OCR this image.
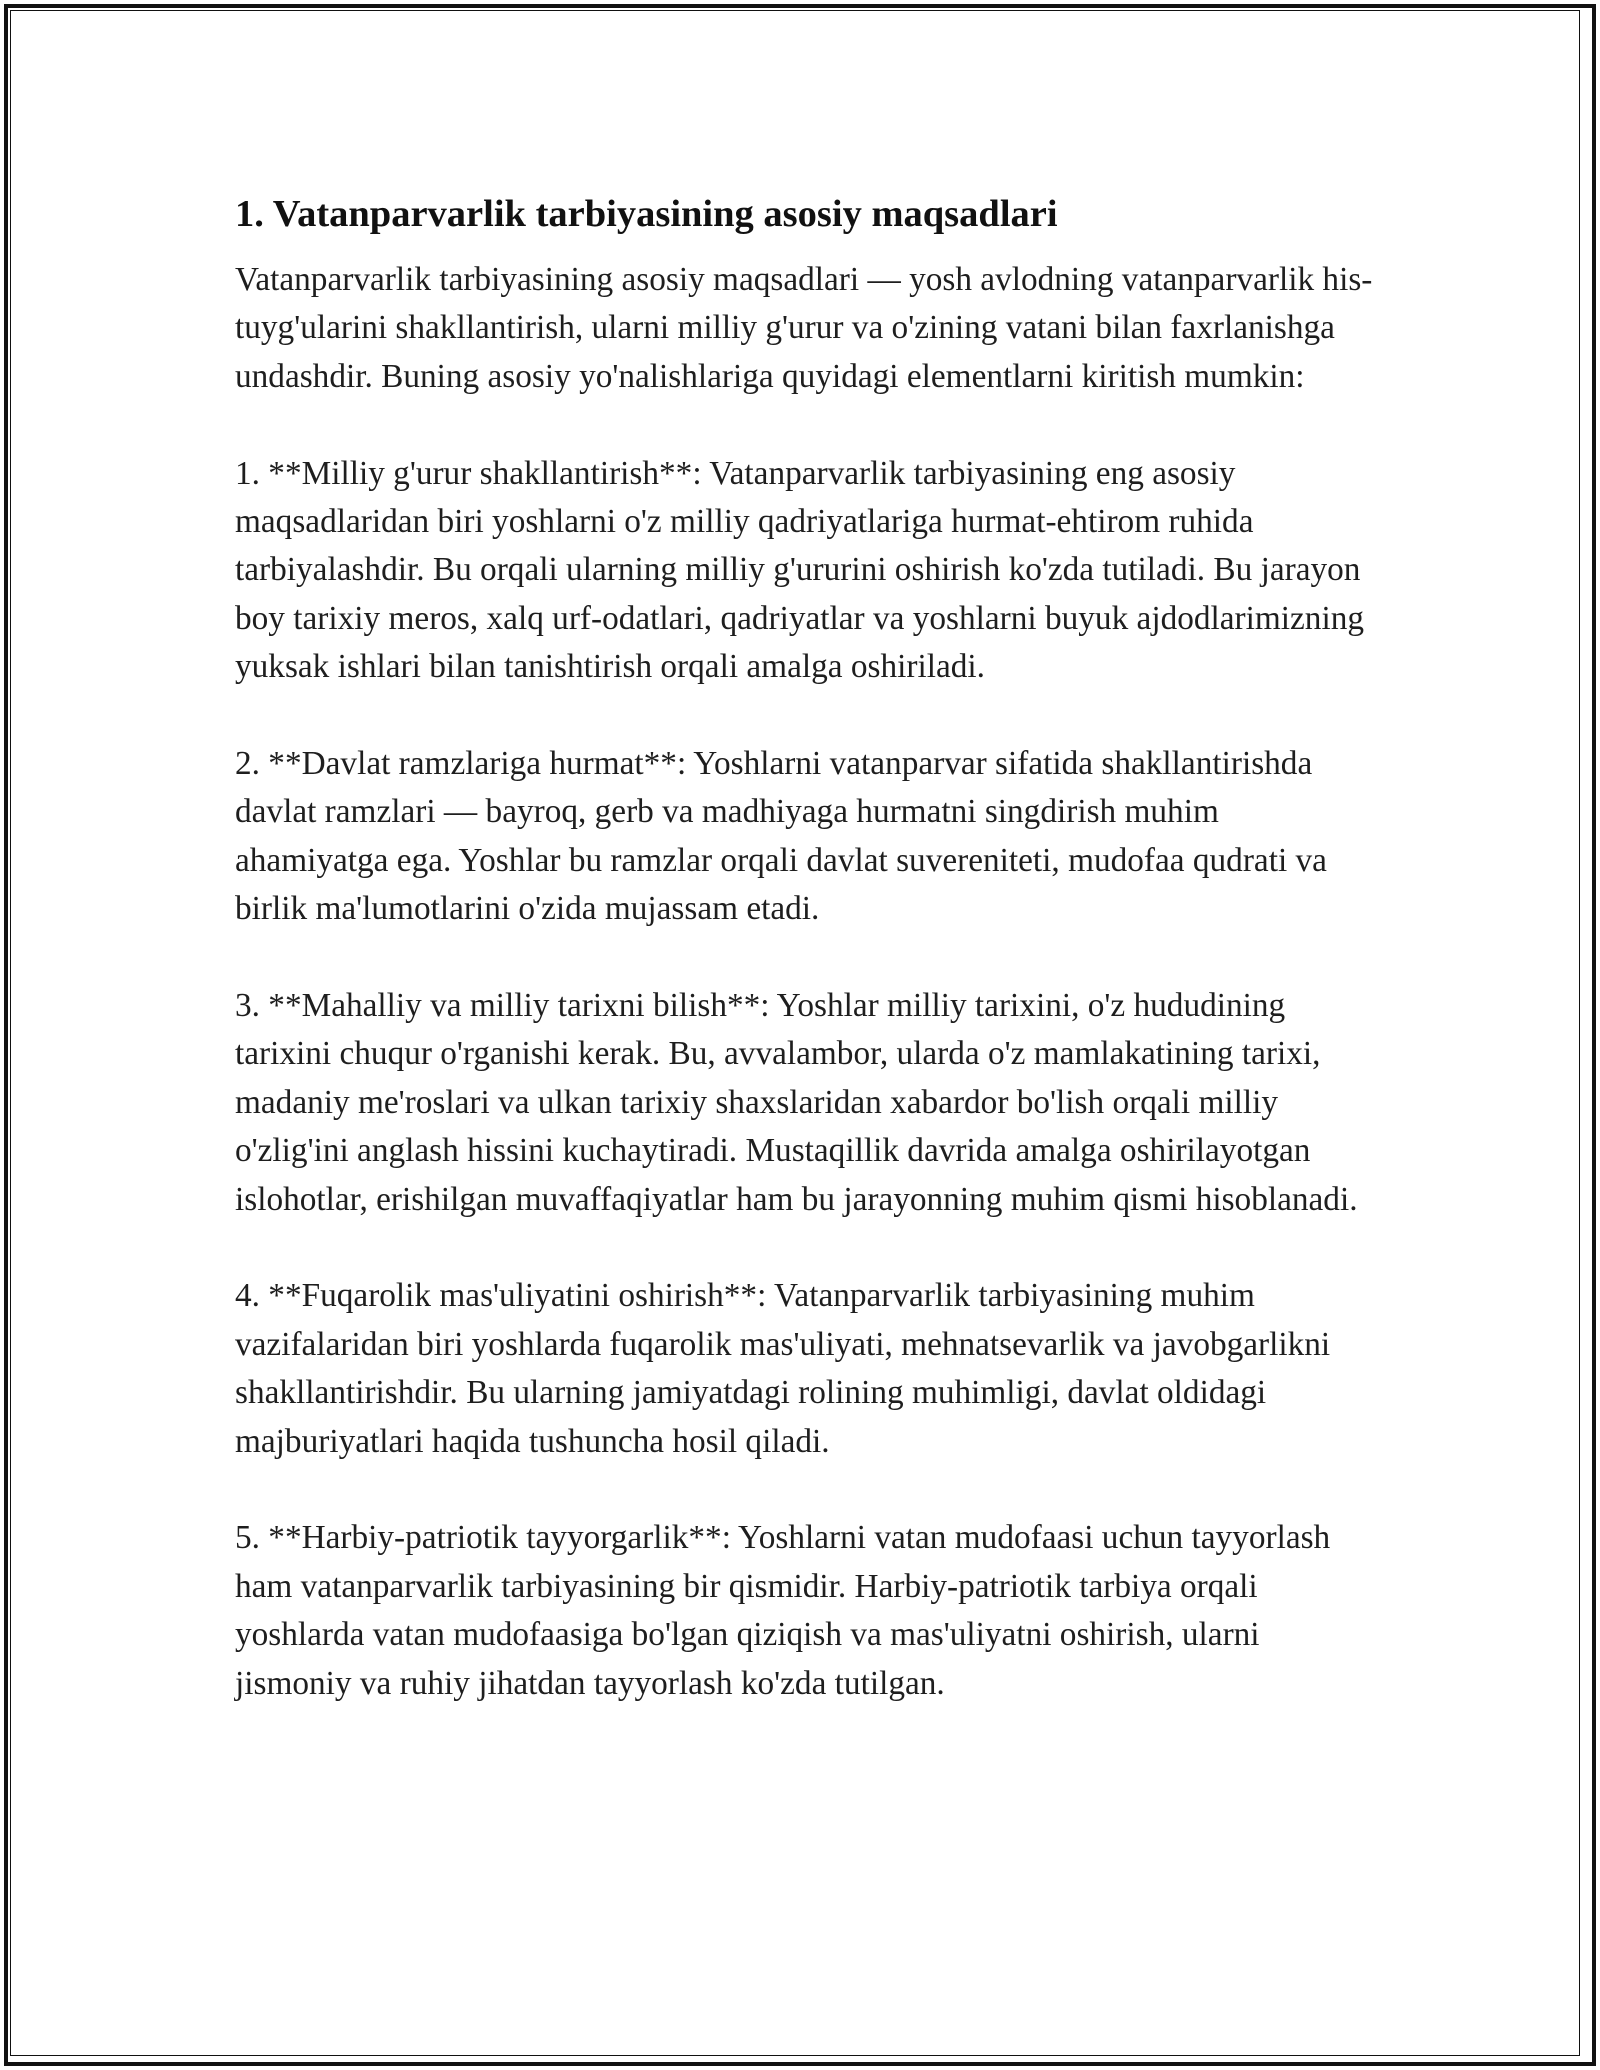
1. Vatanparvarlik tarbiyasining asosiy maqsadlari

Vatanparvarlik tarbiyasining asosiy maqsadlari — yosh avlodning vatanparvarlik his-tuyg'ularini shakllantirish, ularni milliy g'urur va o'zining vatani bilan faxrlanishga undashdir. Buning asosiy yo'nalishlariga quyidagi elementlarni kiritish mumkin:

1. **Milliy g'urur shakllantirish**: Vatanparvarlik tarbiyasining eng asosiy maqsadlaridan biri yoshlarni o'z milliy qadriyatlariga hurmat-ehtirom ruhida tarbiyalashdir. Bu orqali ularning milliy g'ururini oshirish ko'zda tutiladi. Bu jarayon boy tarixiy meros, xalq urf-odatlari, qadriyatlar va yoshlarni buyuk ajdodlarimizning yuksak ishlari bilan tanishtirish orqali amalga oshiriladi.

2. **Davlat ramzlariga hurmat**: Yoshlarni vatanparvar sifatida shakllantirishda davlat ramzlari — bayroq, gerb va madhiyaga hurmatni singdirish muhim ahamiyatga ega. Yoshlar bu ramzlar orqali davlat suvereniteti, mudofaa qudrati va birlik ma'lumotlarini o'zida mujassam etadi.

3. **Mahalliy va milliy tarixni bilish**: Yoshlar milliy tarixini, o'z hududining tarixini chuqur o'rganishi kerak. Bu, avvalambor, ularda o'z mamlakatining tarixi, madaniy me'roslari va ulkan tarixiy shaxslaridan xabardor bo'lish orqali milliy o'zlig'ini anglash hissini kuchaytiradi. Mustaqillik davrida amalga oshirilayotgan islohotlar, erishilgan muvaffaqiyatlar ham bu jarayonning muhim qismi hisoblanadi.

4. **Fuqarolik mas'uliyatini oshirish**: Vatanparvarlik tarbiyasining muhim vazifalaridan biri yoshlarda fuqarolik mas'uliyati, mehnatsevarlik va javobgarlikni shakllantirishdir. Bu ularning jamiyatdagi rolining muhimligi, davlat oldidagi majburiyatlari haqida tushuncha hosil qiladi.

5. **Harbiy-patriotik tayyorgarlik**: Yoshlarni vatan mudofaasi uchun tayyorlash ham vatanparvarlik tarbiyasining bir qismidir. Harbiy-patriotik tarbiya orqali yoshlarda vatan mudofaasiga bo'lgan qiziqish va mas'uliyatni oshirish, ularni jismoniy va ruhiy jihatdan tayyorlash ko'zda tutilgan.
